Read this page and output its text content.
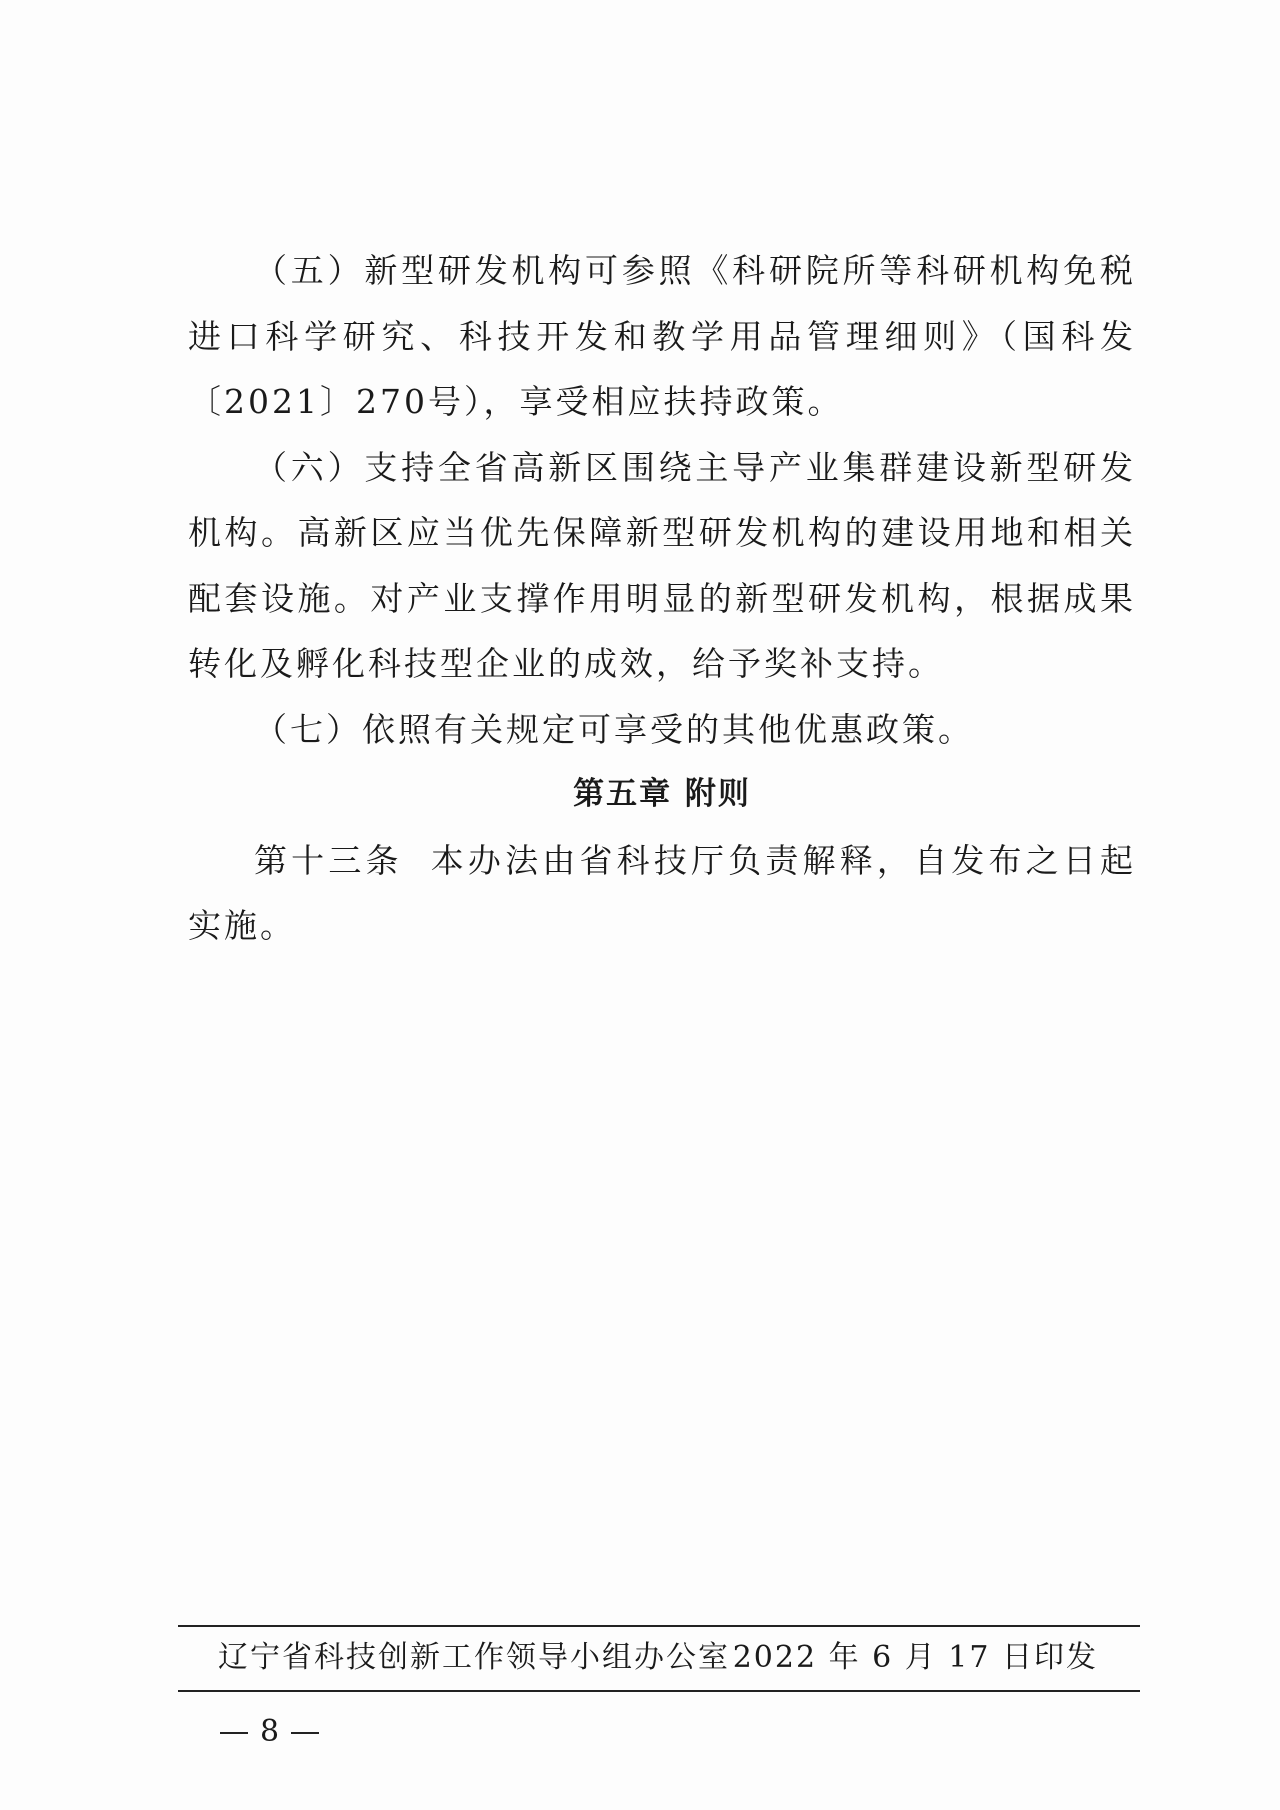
（五）新型研发机构可参照《科研院所等科研机构免税进口科学研究、科技开发和教学用品管理细则》（国科发〔2021〕270号），享受相应扶持政策。

（六）支持全省高新区围绕主导产业集群建设新型研发机构。高新区应当优先保障新型研发机构的建设用地和相关配套设施。对产业支撑作用明显的新型研发机构，根据成果转化及孵化科技型企业的成效，给予奖补支持。

（七）依照有关规定可享受的其他优惠政策。

第五章 附则

第十三条 本办法由省科技厅负责解释，自发布之日起实施。

辽宁省科技创新工作领导小组办公室 2022 年 6 月 17 日印发
8
